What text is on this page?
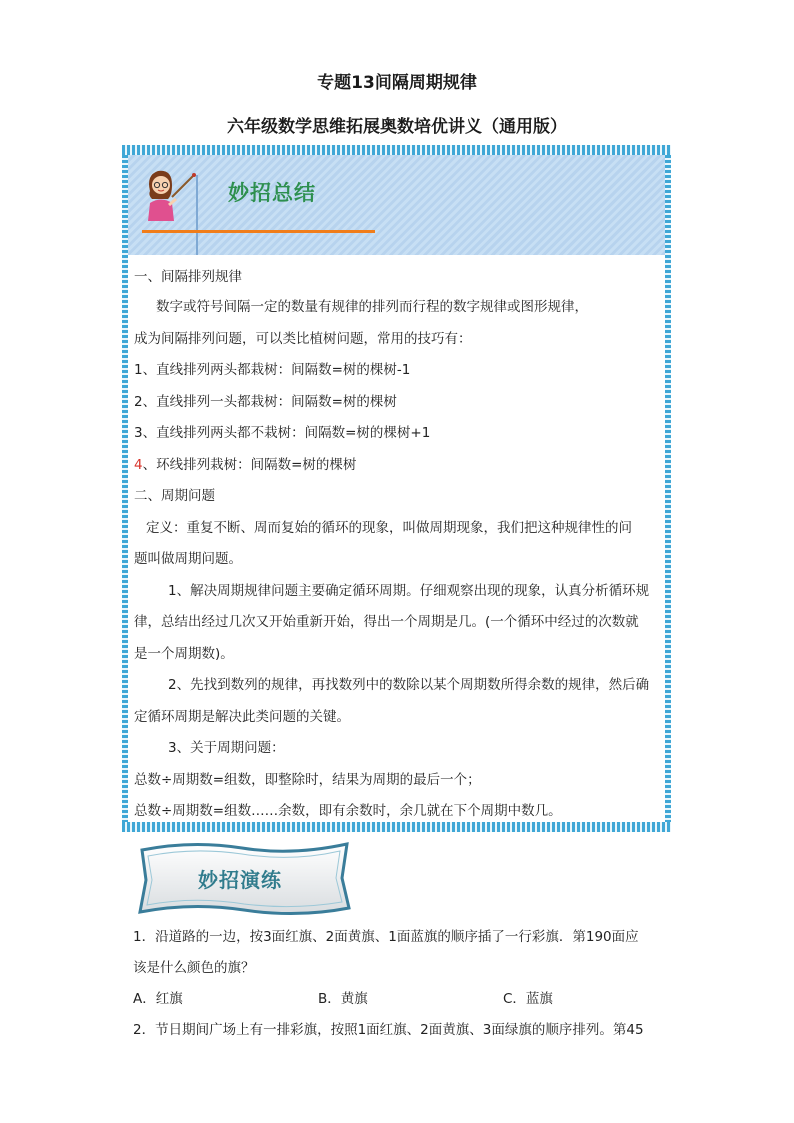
专题13间隔周期规律
六年级数学思维拓展奥数培优讲义（通用版）
妙招总结
一、间隔排列规律
数字或符号间隔一定的数量有规律的排列而行程的数字规律或图形规律，
成为间隔排列问题，可以类比植树问题，常用的技巧有：
1、直线排列两头都栽树：间隔数=树的棵树-1
2、直线排列一头都栽树：间隔数=树的棵树
3、直线排列两头都不栽树：间隔数=树的棵树+1
4、环线排列栽树：间隔数=树的棵树
二、周期问题
定义：重复不断、周而复始的循环的现象，叫做周期现象，我们把这种规律性的问
题叫做周期问题。
1、解决周期规律问题主要确定循环周期。仔细观察出现的现象，认真分析循环规
律，总结出经过几次又开始重新开始，得出一个周期是几。(一个循环中经过的次数就
是一个周期数)。
2、先找到数列的规律，再找数列中的数除以某个周期数所得余数的规律，然后确
定循环周期是解决此类问题的关键。
3、关于周期问题：
总数÷周期数=组数，即整除时，结果为周期的最后一个；
总数÷周期数=组数……余数，即有余数时，余几就在下个周期中数几。
妙招演练
1．沿道路的一边，按3面红旗、2面黄旗、1面蓝旗的顺序插了一行彩旗．第190面应
该是什么颜色的旗？
A．红旗	B．黄旗	C．蓝旗
2．节日期间广场上有一排彩旗，按照1面红旗、2面黄旗、3面绿旗的顺序排列。第45
